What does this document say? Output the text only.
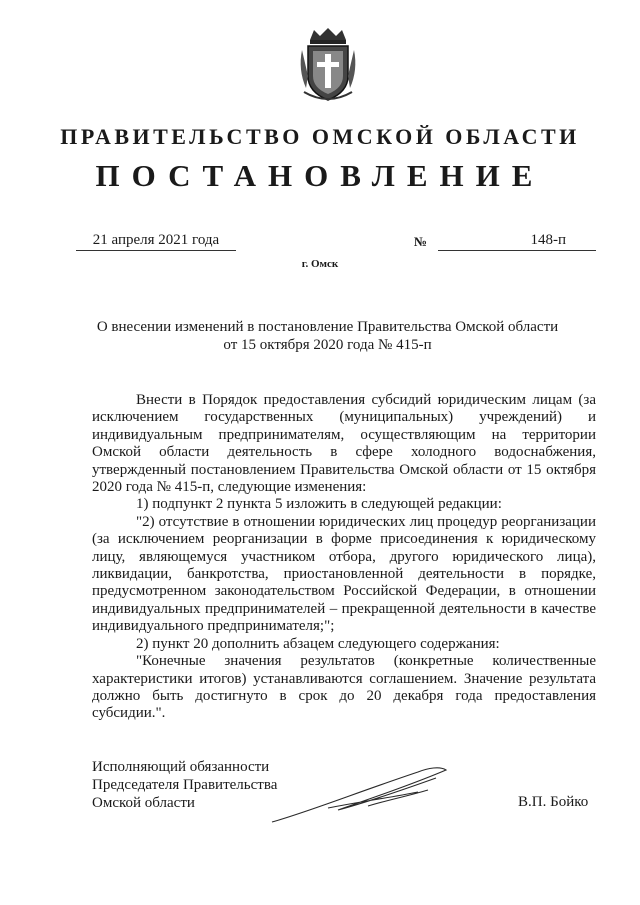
ПРАВИТЕЛЬСТВО ОМСКОЙ ОБЛАСТИ
ПОСТАНОВЛЕНИЕ
21 апреля 2021 года	№	148-п
г. Омск
О внесении изменений в постановление Правительства Омской области
от 15 октября 2020 года № 415-п

Внести в Порядок предоставления субсидий юридическим лицам (за исключением государственных (муниципальных) учреждений) и индивидуальным предпринимателям, осуществляющим на территории Омской области деятельность в сфере холодного водоснабжения, утвержденный постановлением Правительства Омской области от 15 октября 2020 года № 415-п, следующие изменения:

1) подпункт 2 пункта 5 изложить в следующей редакции:

"2) отсутствие в отношении юридических лиц процедур реорганизации (за исключением реорганизации в форме присоединения к юридическому лицу, являющемуся участником отбора, другого юридического лица), ликвидации, банкротства, приостановленной деятельности в порядке, предусмотренном законодательством Российской Федерации, в отношении индивидуальных предпринимателей – прекращенной деятельности в качестве индивидуального предпринимателя;";

2) пункт 20 дополнить абзацем следующего содержания:

"Конечные значения результатов (конкретные количественные характеристики итогов) устанавливаются соглашением. Значение результата должно быть достигнуто в срок до 20 декабря года предоставления субсидии.".

Исполняющий обязанности
Председателя Правительства
Омской области	В.П. Бойко
